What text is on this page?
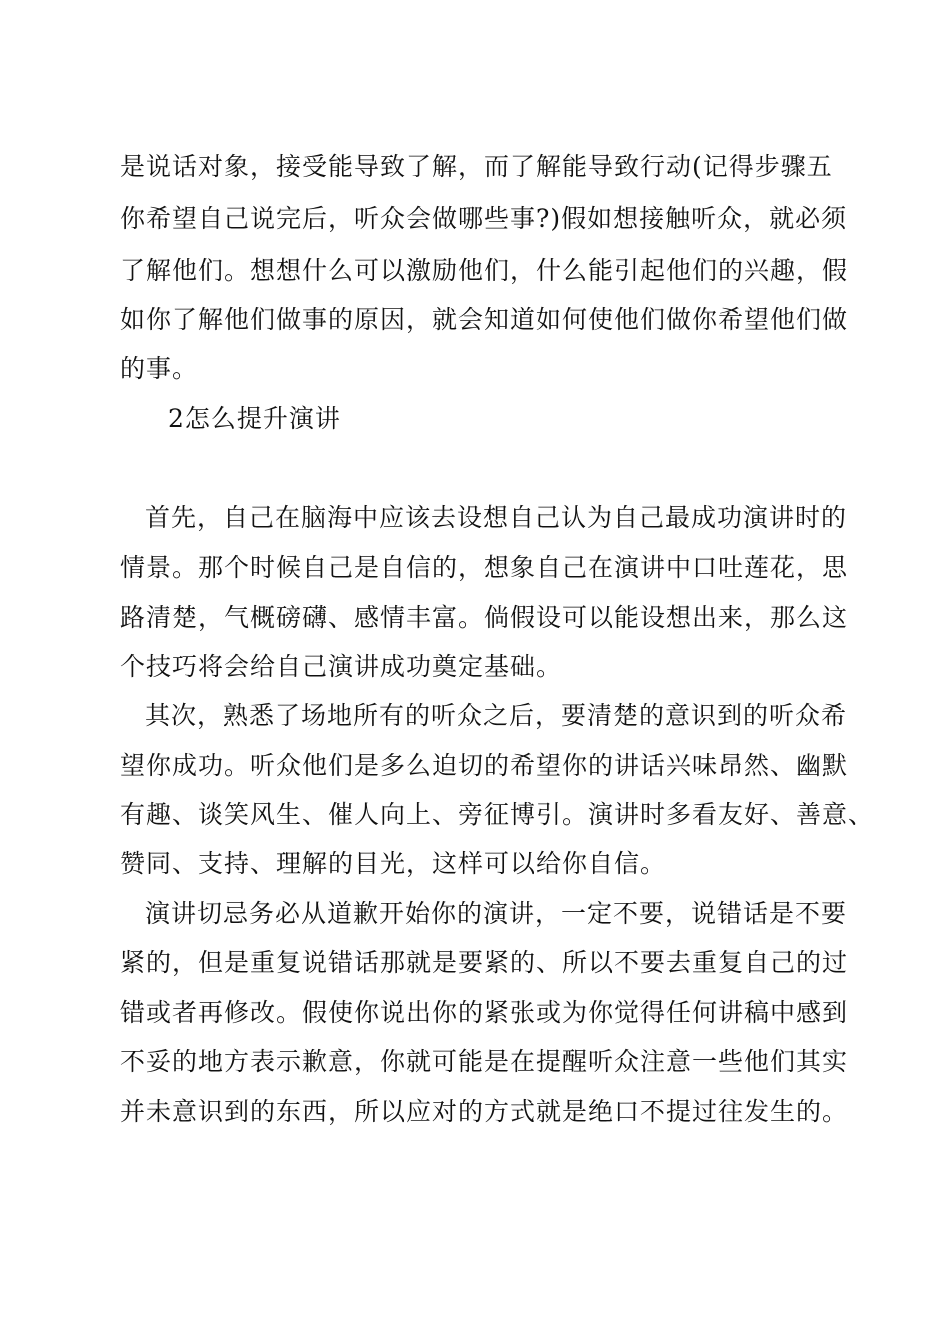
是说话对象，接受能导致了解，而了解能导致行动(记得步骤五
你希望自己说完后，听众会做哪些事?)假如想接触听众，就必须
了解他们。想想什么可以激励他们，什么能引起他们的兴趣，假
如你了解他们做事的原因，就会知道如何使他们做你希望他们做
的事。
2怎么提升演讲
首先，自己在脑海中应该去设想自己认为自己最成功演讲时的
情景。那个时候自己是自信的，想象自己在演讲中口吐莲花，思
路清楚，气概磅礴、感情丰富。倘假设可以能设想出来，那么这
个技巧将会给自己演讲成功奠定基础。
其次，熟悉了场地所有的听众之后，要清楚的意识到的听众希
望你成功。听众他们是多么迫切的希望你的讲话兴味昂然、幽默
有趣、谈笑风生、催人向上、旁征博引。演讲时多看友好、善意、
赞同、支持、理解的目光，这样可以给你自信。
演讲切忌务必从道歉开始你的演讲，一定不要，说错话是不要
紧的，但是重复说错话那就是要紧的、所以不要去重复自己的过
错或者再修改。假使你说出你的紧张或为你觉得任何讲稿中感到
不妥的地方表示歉意，你就可能是在提醒听众注意一些他们其实
并未意识到的东西，所以应对的方式就是绝口不提过往发生的。
